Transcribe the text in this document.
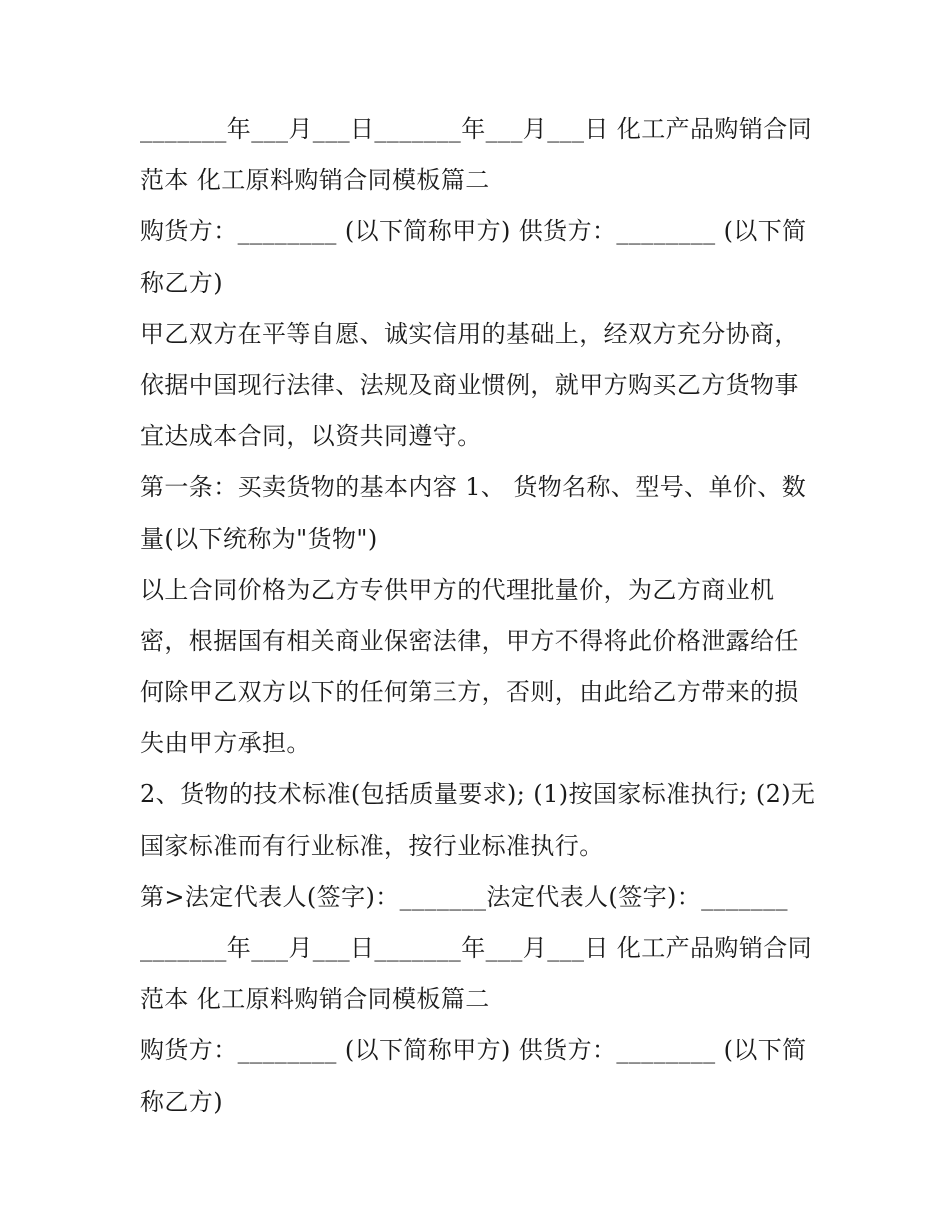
_______年___月___日_______年___月___日 化工产品购销合同
范本 化工原料购销合同模板篇二
购货方：________ (以下简称甲方) 供货方：________ (以下简
称乙方)
甲乙双方在平等自愿、诚实信用的基础上，经双方充分协商，
依据中国现行法律、法规及商业惯例，就甲方购买乙方货物事
宜达成本合同，以资共同遵守。
第一条：买卖货物的基本内容 1、 货物名称、型号、单价、数
量(以下统称为"货物")
以上合同价格为乙方专供甲方的代理批量价，为乙方商业机
密，根据国有相关商业保密法律，甲方不得将此价格泄露给任
何除甲乙双方以下的任何第三方，否则，由此给乙方带来的损
失由甲方承担。
2、货物的技术标准(包括质量要求); (1)按国家标准执行; (2)无
国家标准而有行业标准，按行业标准执行。
第>法定代表人(签字)：_______法定代表人(签字)：_______
_______年___月___日_______年___月___日 化工产品购销合同
范本 化工原料购销合同模板篇二
购货方：________ (以下简称甲方) 供货方：________ (以下简
称乙方)
